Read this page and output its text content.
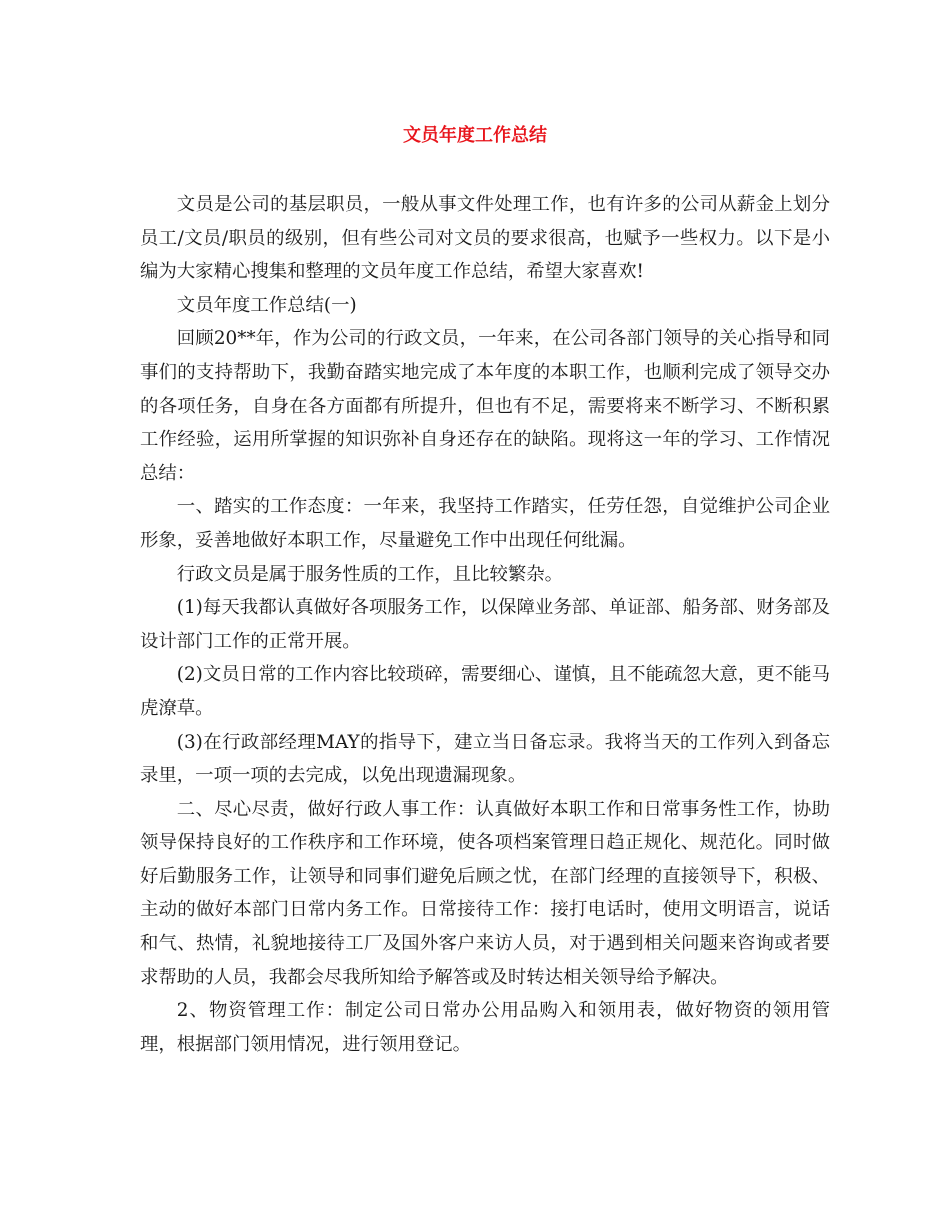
文员年度工作总结

文员是公司的基层职员，一般从事文件处理工作，也有许多的公司从薪金上划分员工/文员/职员的级别，但有些公司对文员的要求很高，也赋予一些权力。以下是小编为大家精心搜集和整理的文员年度工作总结，希望大家喜欢!

文员年度工作总结(一)

回顾20**年，作为公司的行政文员，一年来，在公司各部门领导的关心指导和同事们的支持帮助下，我勤奋踏实地完成了本年度的本职工作，也顺利完成了领导交办的各项任务，自身在各方面都有所提升，但也有不足，需要将来不断学习、不断积累工作经验，运用所掌握的知识弥补自身还存在的缺陷。现将这一年的学习、工作情况总结：

一、踏实的工作态度：一年来，我坚持工作踏实，任劳任怨，自觉维护公司企业形象，妥善地做好本职工作，尽量避免工作中出现任何纰漏。

行政文员是属于服务性质的工作，且比较繁杂。

(1)每天我都认真做好各项服务工作，以保障业务部、单证部、船务部、财务部及设计部门工作的正常开展。

(2)文员日常的工作内容比较琐碎，需要细心、谨慎，且不能疏忽大意，更不能马虎潦草。

(3)在行政部经理MAY的指导下，建立当日备忘录。我将当天的工作列入到备忘录里，一项一项的去完成，以免出现遗漏现象。

二、尽心尽责，做好行政人事工作：认真做好本职工作和日常事务性工作，协助领导保持良好的工作秩序和工作环境，使各项档案管理日趋正规化、规范化。同时做好后勤服务工作，让领导和同事们避免后顾之忧，在部门经理的直接领导下，积极、主动的做好本部门日常内务工作。日常接待工作：接打电话时，使用文明语言，说话和气、热情，礼貌地接待工厂及国外客户来访人员，对于遇到相关问题来咨询或者要求帮助的人员，我都会尽我所知给予解答或及时转达相关领导给予解决。

2、物资管理工作：制定公司日常办公用品购入和领用表，做好物资的领用管理，根据部门领用情况，进行领用登记。
